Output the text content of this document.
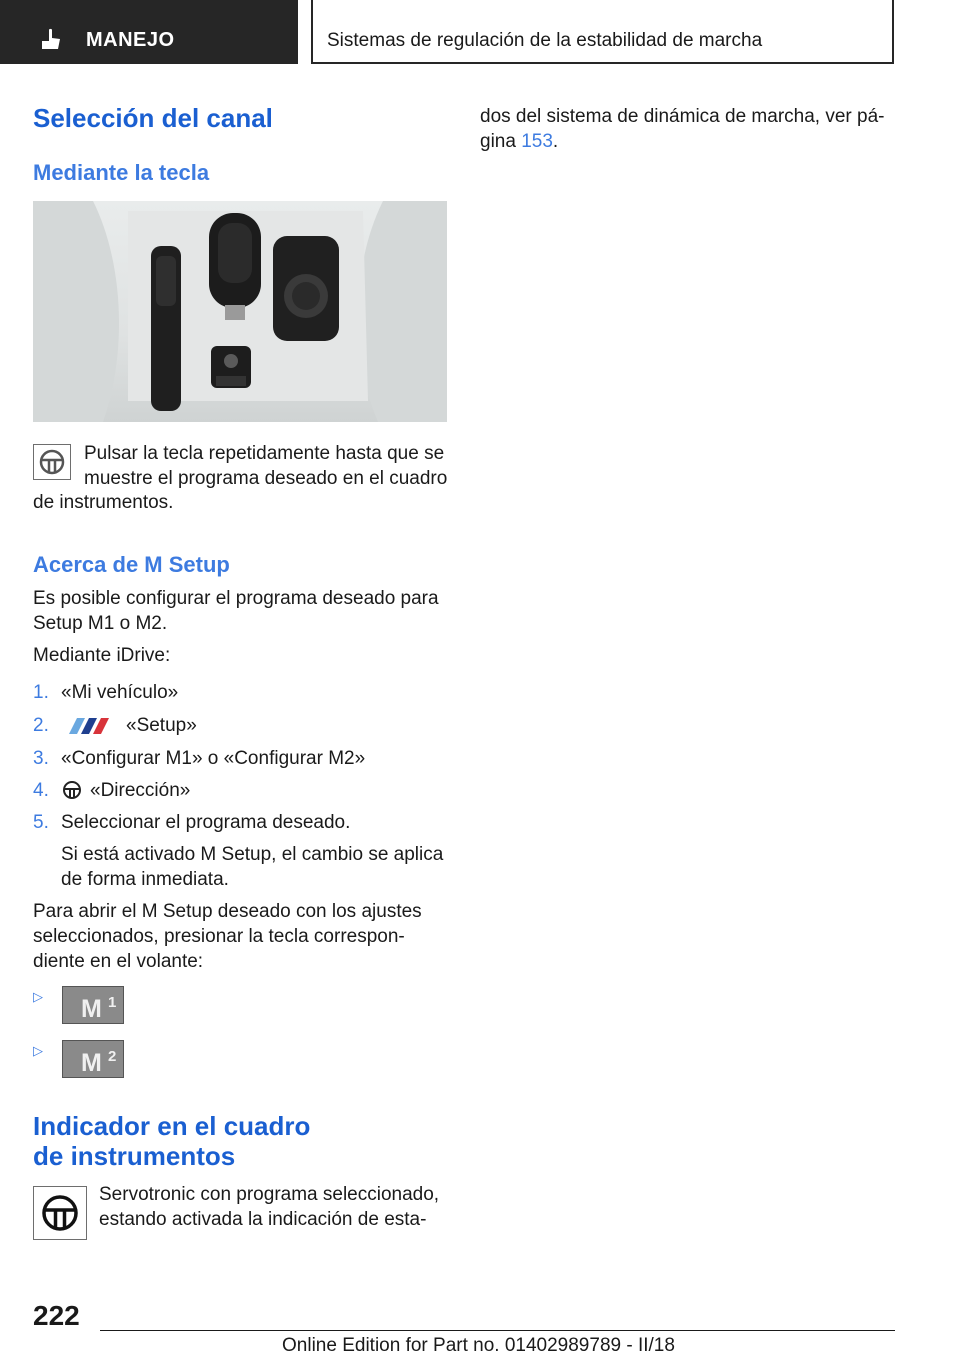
MANEJO	Sistemas de regulación de la estabilidad de marcha
Selección del canal
Mediante la tecla
Pulsar la tecla repetidamente hasta que se
muestre el programa deseado en el cuadro
de instrumentos.
Acerca de M Setup
Es posible configurar el programa deseado para
Setup M1 o M2.
Mediante iDrive:
1. «Mi vehículo»
2.	«Setup»
3. «Configurar M1» o «Configurar M2»
4. «Dirección»
5. Seleccionar el programa deseado.
Si está activado M Setup, el cambio se aplica
de forma inmediata.
Para abrir el M Setup deseado con los ajustes
seleccionados, presionar la tecla correspon-
diente en el volante:
▷ M 1
▷ M 2
Indicador en el cuadro
de instrumentos
Servotronic con programa seleccionado,
estando activada la indicación de esta-
dos del sistema de dinámica de marcha, ver pá-
gina 153.
222
Online Edition for Part no. 01402989789 - II/18
